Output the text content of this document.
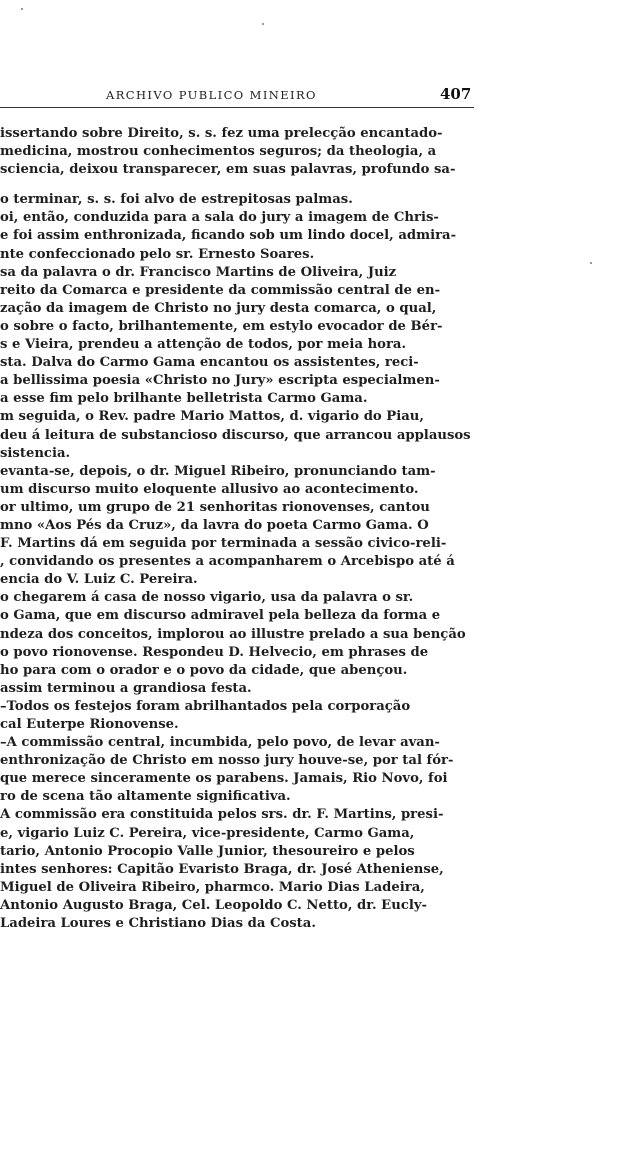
ARCHIVO PUBLICO MINEIRO	407
issertando sobre Direito, s. s. fez uma prelecção encantado-
medicina, mostrou conhecimentos seguros; da theologia, a
sciencia, deixou transparecer, em suas palavras, profundo sa-
o terminar, s. s. foi alvo de estrepitosas palmas.
oi, então, conduzida para a sala do jury a imagem de Chris-
e foi assim enthronizada, ficando sob um lindo docel, admira-
nte confeccionado pelo sr. Ernesto Soares.
sa da palavra o dr. Francisco Martins de Oliveira, Juiz
reito da Comarca e presidente da commissão central de en-
zação da imagem de Christo no jury desta comarca, o qual,
o sobre o facto, brilhantemente, em estylo evocador de Bér-
s e Vieira, prendeu a attenção de todos, por meia hora.
sta. Dalva do Carmo Gama encantou os assistentes, reci-
a bellissima poesia «Christo no Jury» escripta especialmen-
a esse fim pelo brilhante belletrista Carmo Gama.
m seguida, o Rev. padre Mario Mattos, d. vigario do Piau,
deu á leitura de substancioso discurso, que arrancou applausos
sistencia.
evanta-se, depois, o dr. Miguel Ribeiro, pronunciando tam-
um discurso muito eloquente allusivo ao acontecimento.
or ultimo, um grupo de 21 senhoritas rionovenses, cantou
mno «Aos Pés da Cruz», da lavra do poeta Carmo Gama. O
F. Martins dá em seguida por terminada a sessão civico-reli-
, convidando os presentes a acompanharem o Arcebispo até á
encia do V. Luiz C. Pereira.
o chegarem á casa de nosso vigario, usa da palavra o sr.
o Gama, que em discurso admiravel pela belleza da forma e
ndeza dos conceitos, implorou ao illustre prelado a sua benção
o povo rionovense. Respondeu D. Helvecio, em phrases de
ho para com o orador e o povo da cidade, que abençou.
assim terminou a grandiosa festa.
–Todos os festejos foram abrilhantados pela corporação
cal Euterpe Rionovense.
–A commissão central, incumbida, pelo povo, de levar avan-
enthronização de Christo em nosso jury houve-se, por tal fór-
que merece sinceramente os parabens. Jamais, Rio Novo, foi
ro de scena tão altamente significativa.
A commissão era constituida pelos srs. dr. F. Martins, presi-
e, vigario Luiz C. Pereira, vice-presidente, Carmo Gama,
tario, Antonio Procopio Valle Junior, thesoureiro e pelos
intes senhores: Capitão Evaristo Braga, dr. José Atheniense,
Miguel de Oliveira Ribeiro, pharmco. Mario Dias Ladeira,
Antonio Augusto Braga, Cel. Leopoldo C. Netto, dr. Eucly-
Ladeira Loures e Christiano Dias da Costa.
